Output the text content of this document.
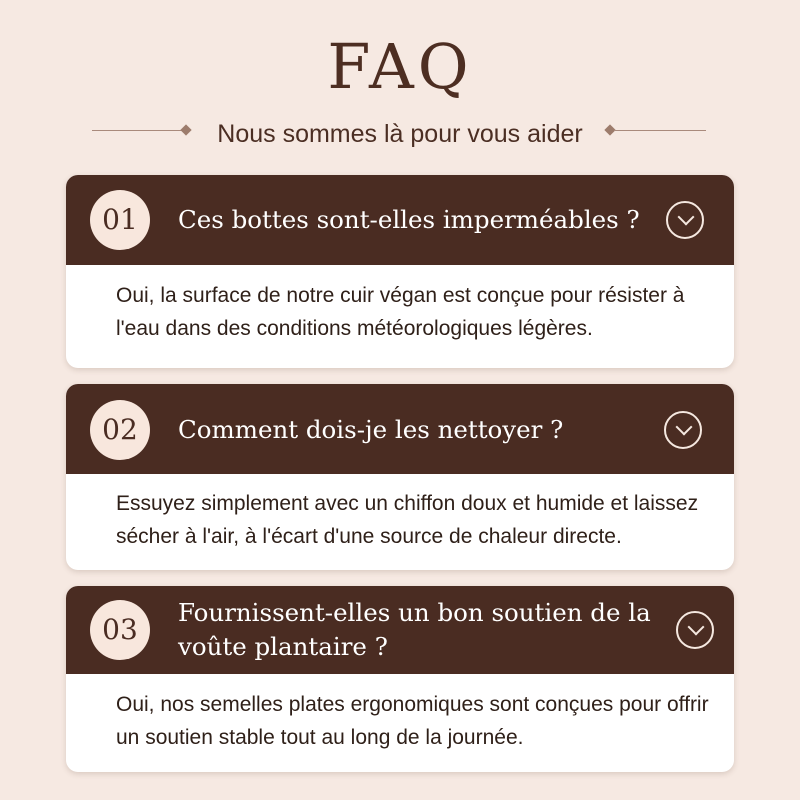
FAQ
Nous sommes là pour vous aider
01	Ces bottes sont-elles imperméables ?
Oui, la surface de notre cuir végan est conçue pour résister à l'eau dans des conditions météorologiques légères.
02	Comment dois-je les nettoyer ?
Essuyez simplement avec un chiffon doux et humide et laissez sécher à l'air, à l'écart d'une source de chaleur directe.
03
Fournissent-elles un bon soutien de la voûte plantaire ?
Oui, nos semelles plates ergonomiques sont conçues pour offrir un soutien stable tout au long de la journée.
